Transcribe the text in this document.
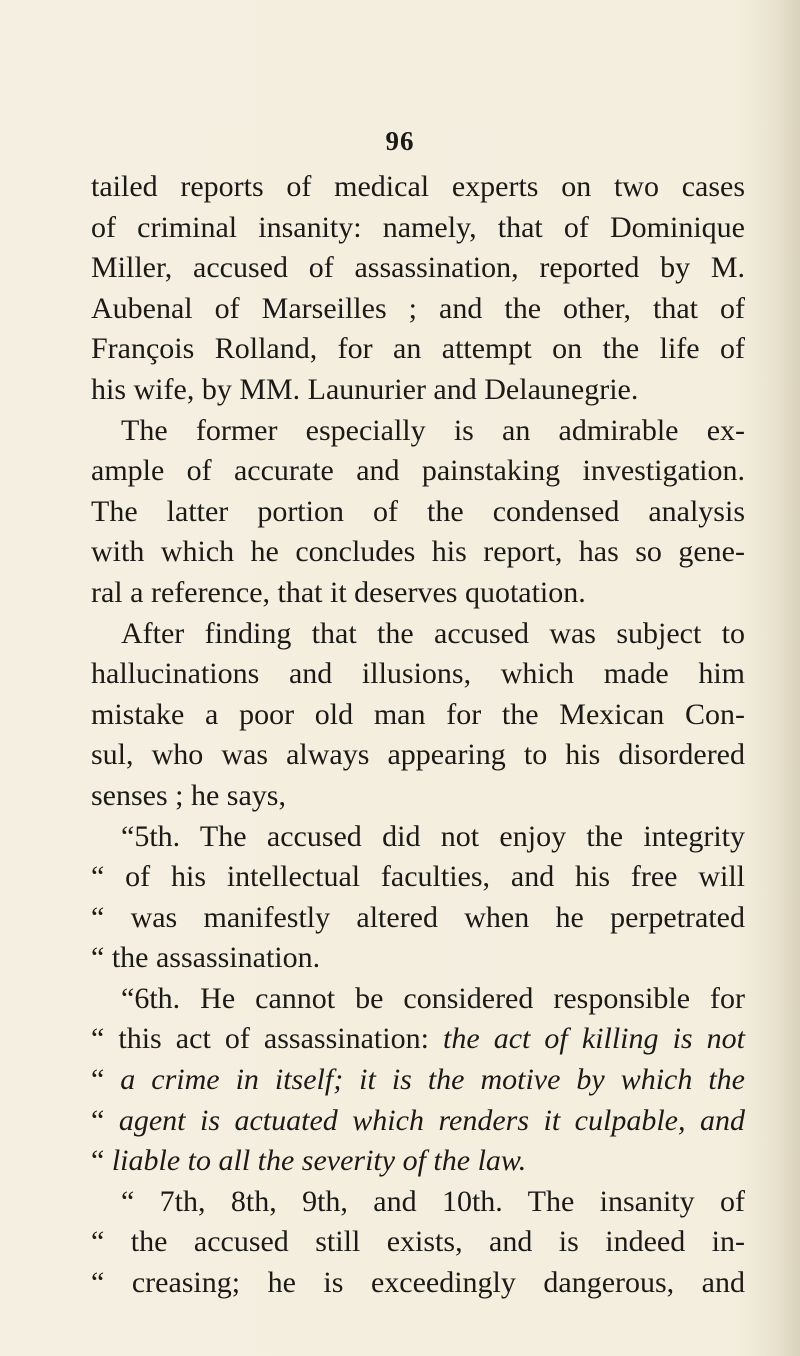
96
tailed reports of medical experts on two cases
of criminal insanity: namely, that of Dominique
Miller, accused of assassination, reported by M.
Aubenal of Marseilles ; and the other, that of
François Rolland, for an attempt on the life of
his wife, by MM. Launurier and Delaunegrie.
The former especially is an admirable ex-
ample of accurate and painstaking investigation.
The latter portion of the condensed analysis
with which he concludes his report, has so gene-
ral a reference, that it deserves quotation.
After finding that the accused was subject to
hallucinations and illusions, which made him
mistake a poor old man for the Mexican Con-
sul, who was always appearing to his disordered
senses ; he says,
“5th. The accused did not enjoy the integrity
“ of his intellectual faculties, and his free will
“ was manifestly altered when he perpetrated
“ the assassination.
“6th. He cannot be considered responsible for
“ this act of assassination: the act of killing is not
“ a crime in itself; it is the motive by which the
“ agent is actuated which renders it culpable, and
“ liable to all the severity of the law.
“ 7th, 8th, 9th, and 10th. The insanity of
“ the accused still exists, and is indeed in-
“ creasing; he is exceedingly dangerous, and
